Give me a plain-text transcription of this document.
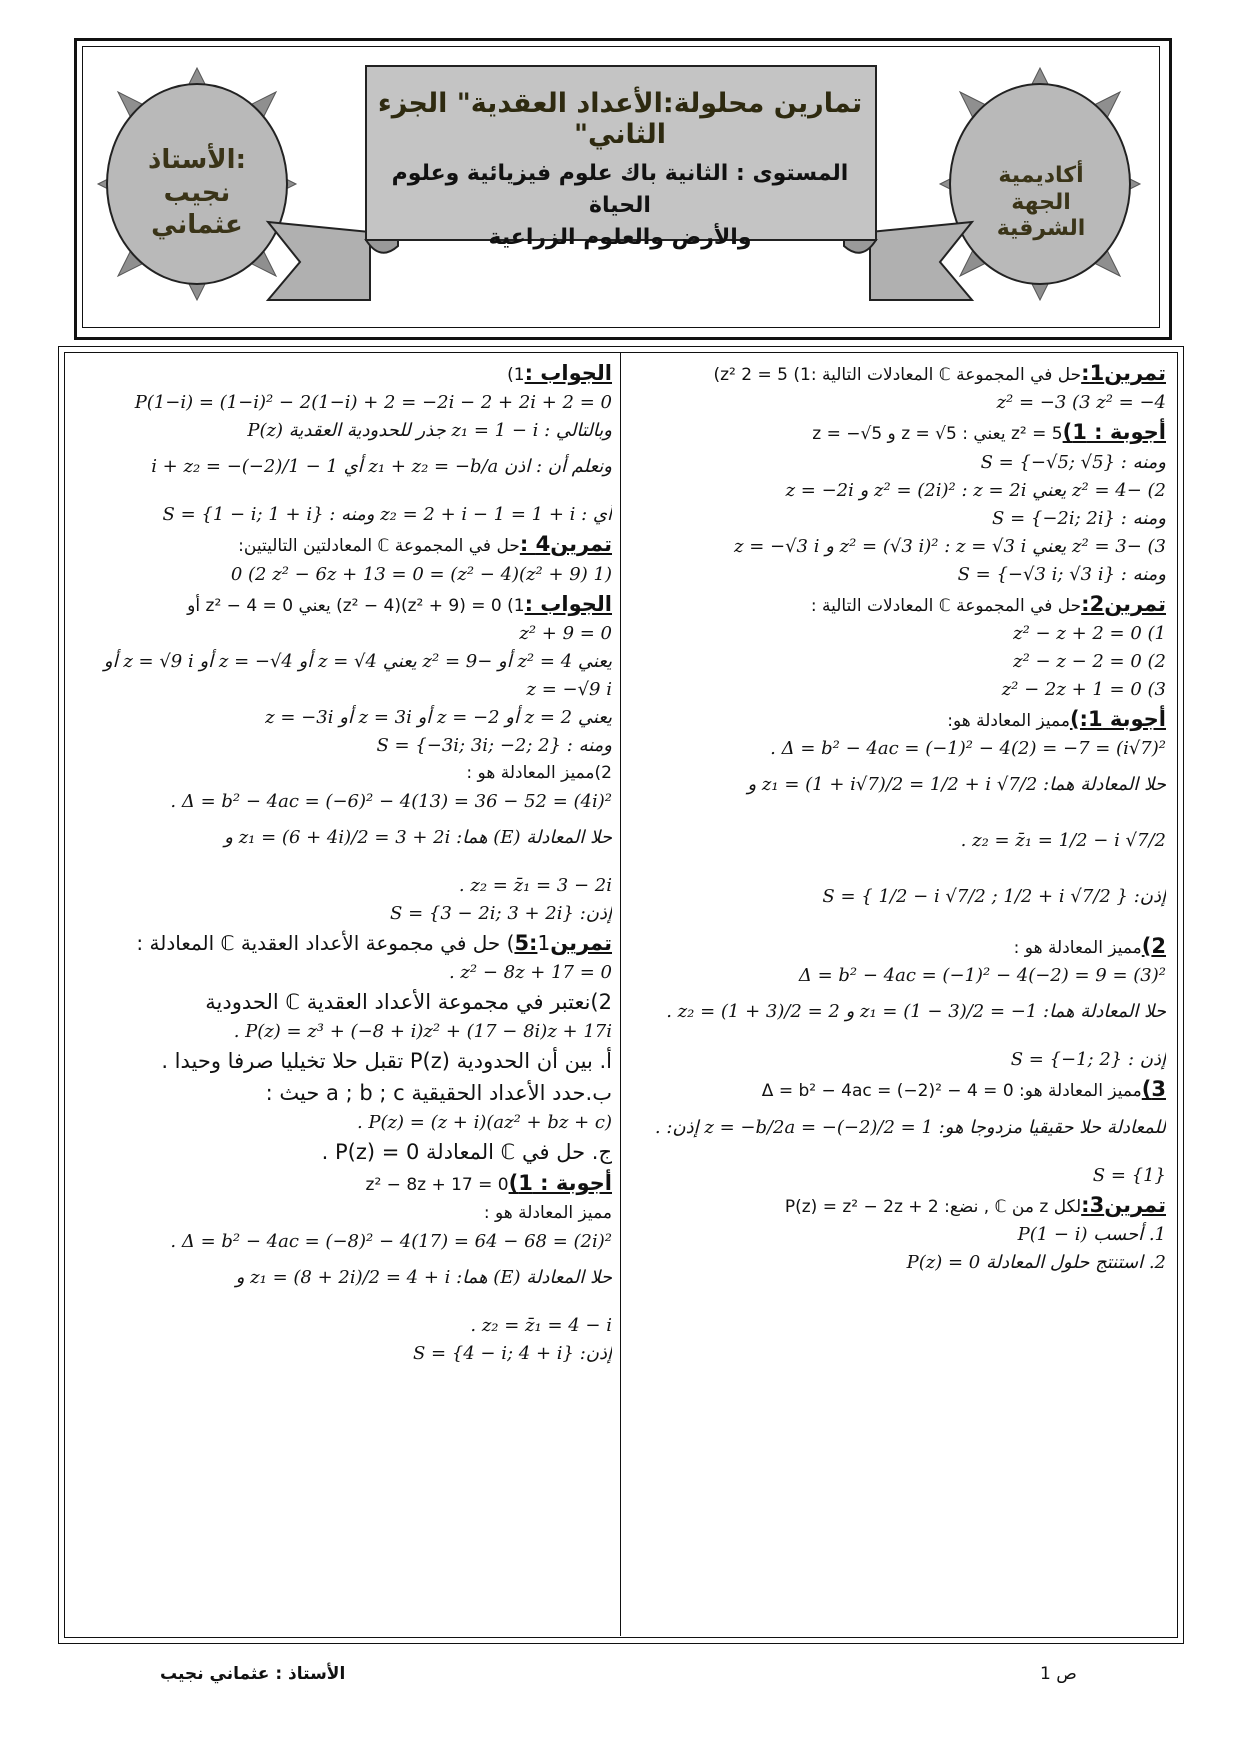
الأستاذ:
نجيب
عثماني
تمارين محلولة:الأعداد العقدية" الجزء الثاني"
المستوى : الثانية باك علوم فيزيائية وعلوم الحياة
والأرض والعلوم الزراعية
أكاديمية
الجهة
الشرقية
تمرين1:حل في المجموعة ℂ المعادلات التالية :1) 5 = z² 2)
z² = −3 (3 z² = −4
أجوبة : 1)5 = z² يعني : z = √5 و z = −√5
ومنه : S = {−√5; √5}
2) −4 = z² يعني z² = (2i)² : z = 2i و z = −2i
ومنه : S = {−2i; 2i}
3) −3 = z² يعني z² = (√3 i)² : z = √3 i و z = −√3 i
ومنه : S = {−√3 i; √3 i}
تمرين2:حل في المجموعة ℂ المعادلات التالية :
z² − z + 2 = 0 (1
z² − z − 2 = 0 (2
z² − 2z + 1 = 0 (3
أجوبة 1:)مميز المعادلة هو:
Δ = b² − 4ac = (−1)² − 4(2) = −7 = (i√7)² .
حلا المعادلة هما: z₁ = (1 + i√7)/2 = 1/2 + i √7/2 و
z₂ = z̄₁ = 1/2 − i √7/2 .
إذن: S = { 1/2 − i √7/2 ; 1/2 + i √7/2 }
2)مميز المعادلة هو :
Δ = b² − 4ac = (−1)² − 4(−2) = 9 = (3)²
حلا المعادلة هما: z₁ = (1 − 3)/2 = −1 و z₂ = (1 + 3)/2 = 2 .
إذن : S = {−1; 2}
3)مميز المعادلة هو: Δ = b² − 4ac = (−2)² − 4 = 0
للمعادلة حلا حقيقيا مزدوجا هو: z = −b/2a = −(−2)/2 = 1 إذن: .
S = {1}
تمرين3:لكل z من ℂ , نضع: P(z) = z² − 2z + 2
1. أحسب P(1 − i)
2. استنتج حلول المعادلة P(z) = 0
الجواب :1)
P(1−i) = (1−i)² − 2(1−i) + 2 = −2i − 2 + 2i + 2 = 0
وبالتالي : z₁ = 1 − i جذر للحدودية العقدية P(z)
ونعلم أن : اذن z₁ + z₂ = −b/a أي 1 − i + z₂ = −(−2)/1
أي : z₂ = 2 + i − 1 = 1 + i ومنه : S = {1 − i; 1 + i}
تمرين4 :حل في المجموعة ℂ المعادلتين التاليتين:
(1 (z² + 9)(z² − 4) = 0 (2 z² − 6z + 13 = 0
الجواب :1) 0 = (z² + 9)(z² − 4) يعني 0 = 4 − z² أو
z² + 9 = 0
يعني 4 = z² أو −9 = z² يعني z = √4 أو z = −√4 أو z = √9 i أو
z = −√9 i
يعني z = 2 أو z = −2 أو z = 3i أو z = −3i
ومنه : S = {−3i; 3i; −2; 2}
2)مميز المعادلة هو :
Δ = b² − 4ac = (−6)² − 4(13) = 36 − 52 = (4i)² .
حلا المعادلة (E) هما: z₁ = (6 + 4i)/2 = 3 + 2i و
z₂ = z̄₁ = 3 − 2i .
إذن: S = {3 − 2i; 3 + 2i}
تمرين5:1) حل في مجموعة الأعداد العقدية ℂ المعادلة :
z² − 8z + 17 = 0 .
2)نعتبر في مجموعة الأعداد العقدية ℂ الحدودية
P(z) = z³ + (−8 + i)z² + (17 − 8i)z + 17i .
أ. بين أن الحدودية P(z) تقبل حلا تخيليا صرفا وحيدا .
ب.حدد الأعداد الحقيقية a ; b ; c حيث :
P(z) = (z + i)(az² + bz + c) .
ج. حل في ℂ المعادلة P(z) = 0 .
أجوبة : 1)z² − 8z + 17 = 0
مميز المعادلة هو :
Δ = b² − 4ac = (−8)² − 4(17) = 64 − 68 = (2i)² .
حلا المعادلة (E) هما: z₁ = (8 + 2i)/2 = 4 + i و
z₂ = z̄₁ = 4 − i .
إذن: S = {4 − i; 4 + i}
الأستاذ : عثماني نجيب	ص 1
